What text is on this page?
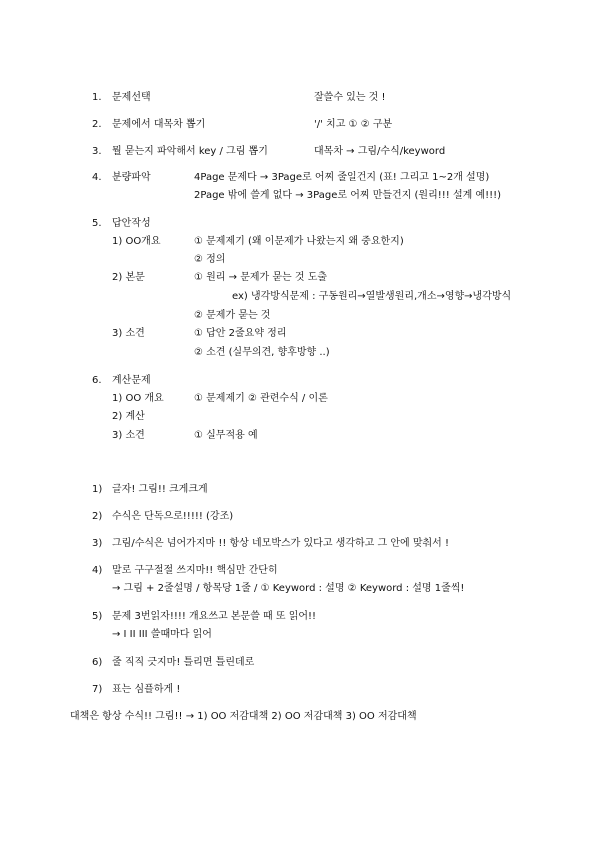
1. 문제선택	잘쓸수 있는 것 !
2. 문제에서 대목차 뽑기	'/' 치고 ① ② 구분
3. 뭘 묻는지 파악해서 key / 그림 뽑기	대목차 → 그림/수식/keyword
4. 분량파악	4Page 문제다 → 3Page로 어찌 줄일건지 (표! 그리고 1~2개 설명)
2Page 밖에 쓸게 없다 → 3Page로 어찌 만들건지 (원리!!! 설계 예!!!)
5. 답안작성
1) OO개요	① 문제제기 (왜 이문제가 나왔는지 왜 중요한지)
② 정의
2) 본문	① 원리 → 문제가 묻는 것 도출
ex) 냉각방식문제 : 구동원리→열발생원리,개소→영향→냉각방식
② 문제가 묻는 것
3) 소견	① 답안 2줄요약 정리
② 소견 (실무의견, 향후방향 ..)
6. 계산문제
1) OO 개요	① 문제제기 ② 관련수식 / 이론
2) 계산
3) 소견	① 실무적용 예
1) 글자! 그림!! 크게크게
2) 수식은 단독으로!!!!! (강조)
3) 그림/수식은 넘어가지마 !! 항상 네모박스가 있다고 생각하고 그 안에 맞춰서 !
4) 말로 구구절절 쓰지마!! 핵심만 간단히
→ 그림 + 2줄설명 / 항목당 1줄 / ① Keyword : 설명 ② Keyword : 설명 1줄씩!
5) 문제 3번읽자!!!! 개요쓰고 본문쓸 때 또 읽어!!
→ I II III 쓸때마다 읽어
6) 줄 직직 긋지마! 틀리면 틀린데로
7) 표는 심플하게 !
대책은 항상 수식!! 그림!! → 1) OO 저감대책 2) OO 저감대책 3) OO 저감대책
